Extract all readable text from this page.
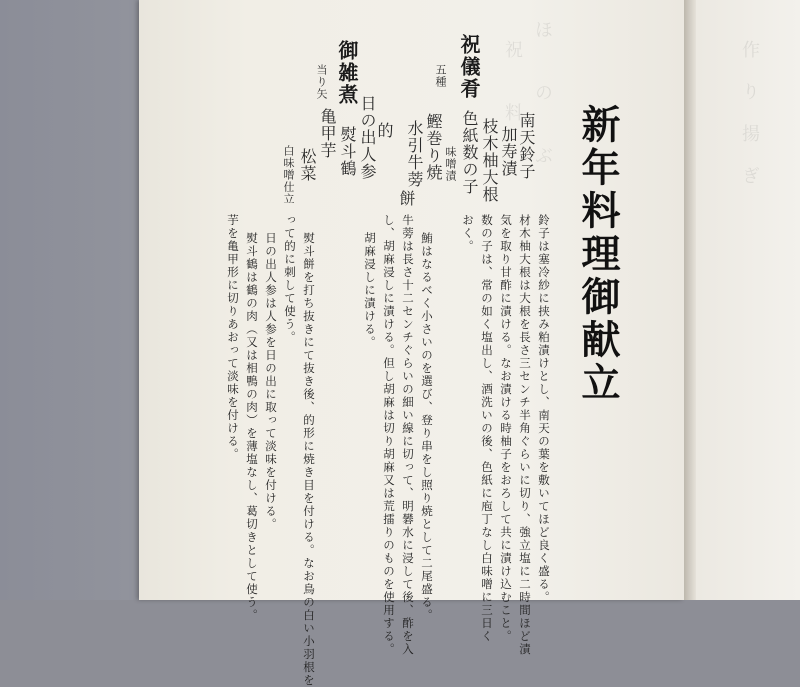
ほ　　の　　ぶ
祝　　料	作　り　揚　ぎ
新年料理御献立
南天鈴子
加寿漬
枝木柚大根
色紙数の子
味噌漬
鰹巻り焼
水引牛蒡
祝儀肴
五種
的
日の出人参
熨斗鶴
餅
御雑煮
亀甲芋
当り矢
松菜
白味噌仕立
鈴子は塞冷紗に挟み粕漬けとし、南天の葉を敷いてほど良く盛る。
材木柚大根は大根を長さ三センチ半角ぐらいに切り、強立塩に二時間ほど漬
気を取り甘酢に漬ける。なお漬ける時柚子をおろして共に漬け込むこと。
数の子は、常の如く塩出し、酒洗いの後、色紙に庖丁なし白味噌に三日く
おく。
鮪はなるべく小さいのを選び、登り串をし照り焼として二尾盛る。
牛蒡は長さ十二センチぐらいの細い線に切って、明礬水に浸して後、酢を入
し、胡麻浸しに漬ける。但し胡麻は切り胡麻又は荒擂りのものを使用する。
胡麻浸しに漬ける。
熨斗餅を打ち抜きにて抜き後、的形に焼き目を付ける。なお鳥の白い小羽根を
って的に刺して使う。
日の出人参は人参を日の出に取って淡味を付ける。
熨斗鶴は鶴の肉（又は相鴨の肉）を薄塩なし、葛切きとして使う。
芋を亀甲形に切りあおって淡味を付ける。
